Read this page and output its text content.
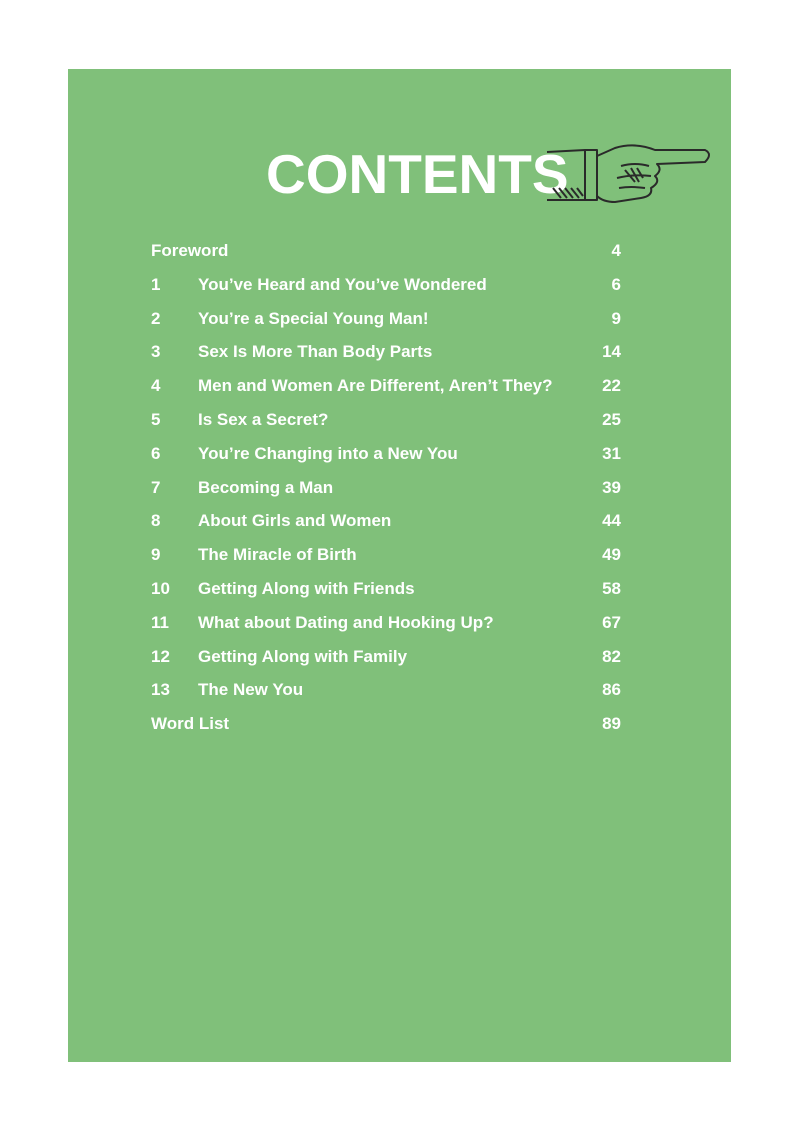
CONTENTS
Foreword	4
1 You’ve Heard and You’ve Wondered	6
2 You’re a Special Young Man!	9
3 Sex Is More Than Body Parts	14
4 Men and Women Are Different, Aren’t They?	22
5 Is Sex a Secret?	25
6 You’re Changing into a New You	31
7 Becoming a Man	39
8 About Girls and Women	44
9 The Miracle of Birth	49
10 Getting Along with Friends	58
11 What about Dating and Hooking Up?	67
12 Getting Along with Family	82
13 The New You	86
Word List	89
